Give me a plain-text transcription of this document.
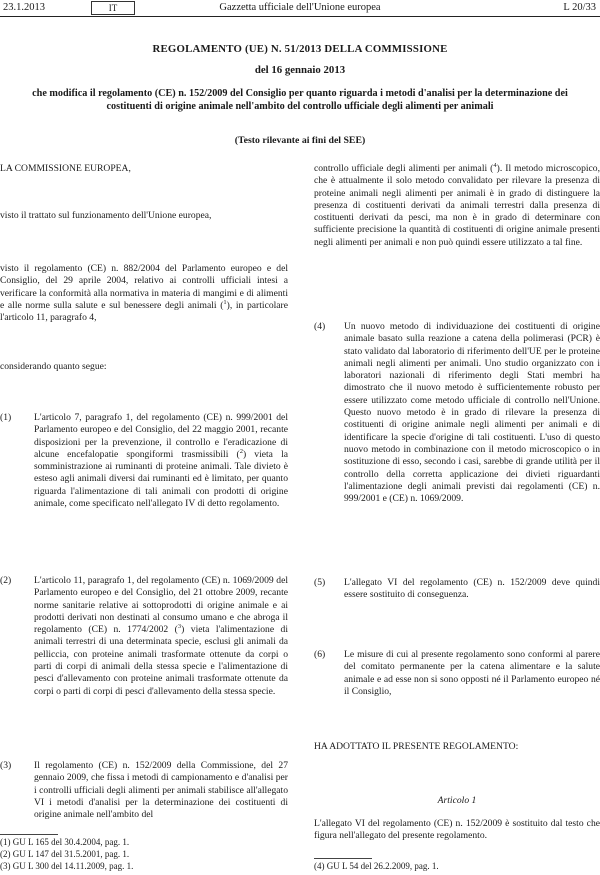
23.1.2013	IT	Gazzetta ufficiale dell'Unione europea	L 20/33
REGOLAMENTO (UE) N. 51/2013 DELLA COMMISSIONE
del 16 gennaio 2013
che modifica il regolamento (CE) n. 152/2009 del Consiglio per quanto riguarda i metodi d'analisi per la determinazione dei costituenti di origine animale nell'ambito del controllo ufficiale degli alimenti per animali
(Testo rilevante ai fini del SEE)

LA COMMISSIONE EUROPEA,

visto il trattato sul funzionamento dell'Unione europea,

visto il regolamento (CE) n. 882/2004 del Parlamento europeo e del Consiglio, del 29 aprile 2004, relativo ai controlli ufficiali intesi a verificare la conformità alla normativa in materia di mangimi e di alimenti e alle norme sulla salute e sul benessere degli animali ($^1$), in particolare l'articolo 11, paragrafo 4,

considerando quanto segue:

(1) L'articolo 7, paragrafo 1, del regolamento (CE) n. 999/2001 del Parlamento europeo e del Consiglio, del 22 maggio 2001, recante disposizioni per la prevenzione, il controllo e l'eradicazione di alcune encefalopatie spongiformi trasmissibili ($^2$) vieta la somministrazione ai ruminanti di proteine animali. Tale divieto è esteso agli animali diversi dai ruminanti ed è limitato, per quanto riguarda l'alimentazione di tali animali con prodotti di origine animale, come specificato nell'allegato IV di detto regolamento.
(2) L'articolo 11, paragrafo 1, del regolamento (CE) n. 1069/2009 del Parlamento europeo e del Consiglio, del 21 ottobre 2009, recante norme sanitarie relative ai sottoprodotti di origine animale e ai prodotti derivati non destinati al consumo umano e che abroga il regolamento (CE) n. 1774/2002 ($^3$) vieta l'alimentazione di animali terrestri di una determinata specie, esclusi gli animali da pelliccia, con proteine animali trasformate ottenute da corpi o parti di corpi di animali della stessa specie e l'alimentazione di pesci d'allevamento con proteine animali trasformate ottenute da corpi o parti di corpi di pesci d'allevamento della stessa specie.
(3) Il regolamento (CE) n. 152/2009 della Commissione, del 27 gennaio 2009, che fissa i metodi di campionamento e d'analisi per i controlli ufficiali degli alimenti per animali stabilisce all'allegato VI i metodi d'analisi per la determinazione dei costituenti di origine animale nell'ambito del
(1) GU L 165 del 30.4.2004, pag. 1.
(2) GU L 147 del 31.5.2001, pag. 1.
(3) GU L 300 del 14.11.2009, pag. 1.

controllo ufficiale degli alimenti per animali ($^4$). Il metodo microscopico, che è attualmente il solo metodo convalidato per rilevare la presenza di proteine animali negli alimenti per animali è in grado di distinguere la presenza di costituenti derivati da animali terrestri dalla presenza di costituenti derivati da pesci, ma non è in grado di determinare con sufficiente precisione la quantità di costituenti di origine animale presenti negli alimenti per animali e non può quindi essere utilizzato a tal fine.

(4) Un nuovo metodo di individuazione dei costituenti di origine animale basato sulla reazione a catena della polimerasi (PCR) è stato validato dal laboratorio di riferimento dell'UE per le proteine animali negli alimenti per animali. Uno studio organizzato con i laboratori nazionali di riferimento degli Stati membri ha dimostrato che il nuovo metodo è sufficientemente robusto per essere utilizzato come metodo ufficiale di controllo nell'Unione. Questo nuovo metodo è in grado di rilevare la presenza di costituenti di origine animale negli alimenti per animali e di identificare la specie d'origine di tali costituenti. L'uso di questo nuovo metodo in combinazione con il metodo microscopico o in sostituzione di esso, secondo i casi, sarebbe di grande utilità per il controllo della corretta applicazione dei divieti riguardanti l'alimentazione degli animali previsti dai regolamenti (CE) n. 999/2001 e (CE) n. 1069/2009.
(5) L'allegato VI del regolamento (CE) n. 152/2009 deve quindi essere sostituito di conseguenza.
(6) Le misure di cui al presente regolamento sono conformi al parere del comitato permanente per la catena alimentare e la salute animale e ad esse non si sono opposti né il Parlamento europeo né il Consiglio,

HA ADOTTATO IL PRESENTE REGOLAMENTO:

Articolo 1

L'allegato VI del regolamento (CE) n. 152/2009 è sostituito dal testo che figura nell'allegato del presente regolamento.

(4) GU L 54 del 26.2.2009, pag. 1.
